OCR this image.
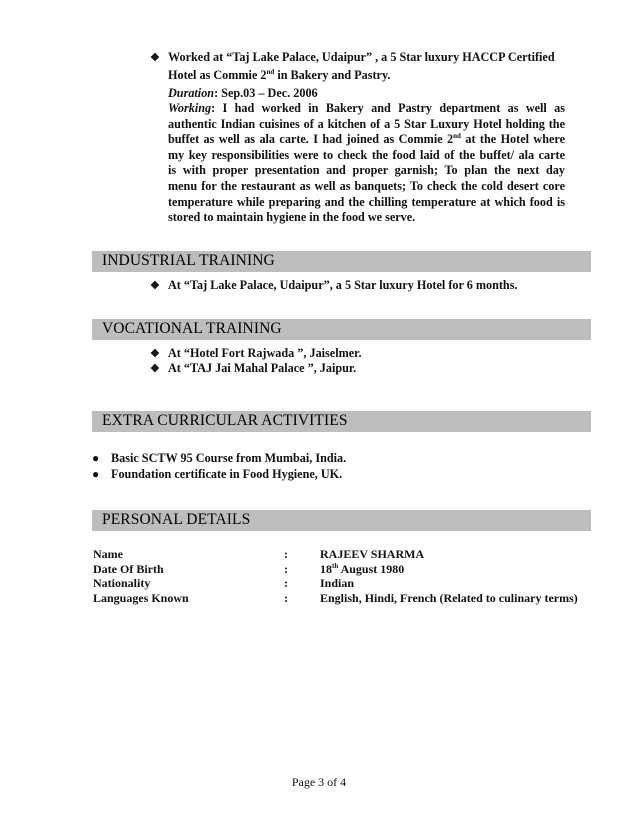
❖ Worked at “Taj Lake Palace, Udaipur” , a 5 Star luxury HACCP Certified
Hotel as Commie 2nd in Bakery and Pastry.
Duration: Sep.03 – Dec. 2006
Working: I had worked in Bakery and Pastry department as well as
authentic Indian cuisines of a kitchen of a 5 Star Luxury Hotel holding the
buffet as well as ala carte. I had joined as Commie 2nd at the Hotel where
my key responsibilities were to check the food laid of the buffet/ ala carte
is with proper presentation and proper garnish; To plan the next day
menu for the restaurant as well as banquets; To check the cold desert core
temperature while preparing and the chilling temperature at which food is
stored to maintain hygiene in the food we serve.
INDUSTRIAL TRAINING
❖ At “Taj Lake Palace, Udaipur”, a 5 Star luxury Hotel for 6 months.
VOCATIONAL TRAINING
❖ At “Hotel Fort Rajwada ”, Jaiselmer.
❖ At “TAJ Jai Mahal Palace ”, Jaipur.
EXTRA CURRICULAR ACTIVITIES
● Basic SCTW 95 Course from Mumbai, India.
● Foundation certificate in Food Hygiene, UK.
PERSONAL DETAILS
Name	:	RAJEEV SHARMA
Date Of Birth	:	18th August 1980
Nationality	:	Indian
Languages Known	:	English, Hindi, French (Related to culinary terms)
Page 3 of 4
